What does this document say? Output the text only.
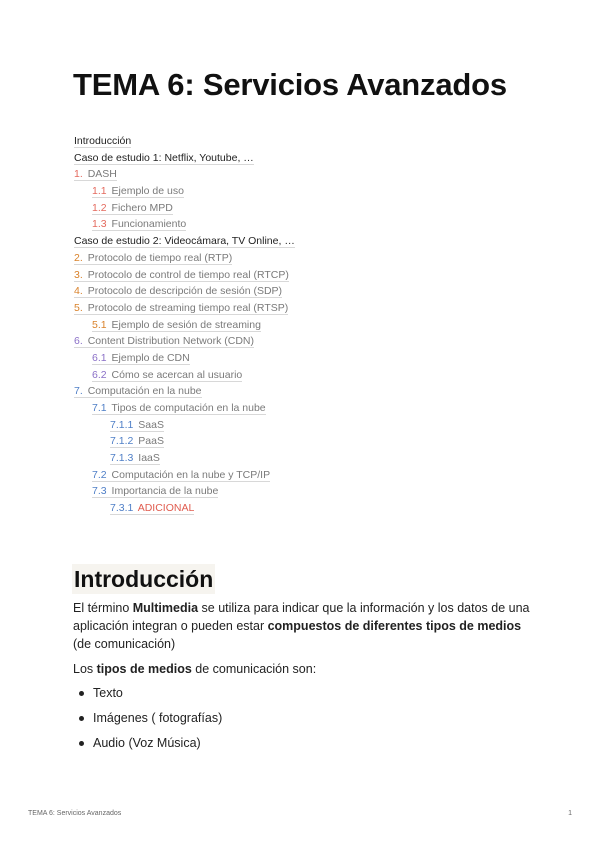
TEMA 6: Servicios Avanzados
Introducción
Caso de estudio 1: Netflix, Youtube, …
1. DASH
1.1 Ejemplo de uso
1.2 Fichero MPD
1.3 Funcionamiento
Caso de estudio 2: Videocámara, TV Online, …
2. Protocolo de tiempo real (RTP)
3. Protocolo de control de tiempo real (RTCP)
4. Protocolo de descripción de sesión (SDP)
5. Protocolo de streaming tiempo real (RTSP)
5.1 Ejemplo de sesión de streaming
6. Content Distribution Network (CDN)
6.1 Ejemplo de CDN
6.2 Cómo se acercan al usuario
7. Computación en la nube
7.1 Tipos de computación en la nube
7.1.1 SaaS
7.1.2 PaaS
7.1.3 IaaS
7.2 Computación en la nube y TCP/IP
7.3 Importancia de la nube
7.3.1 ADICIONAL
Introducción

El término Multimedia se utiliza para indicar que la información y los datos de una aplicación integran o pueden estar compuestos de diferentes tipos de medios (de comunicación)

Los tipos de medios de comunicación son:

Texto
Imágenes ( fotografías)
Audio (Voz Música)
TEMA 6: Servicios Avanzados	1
